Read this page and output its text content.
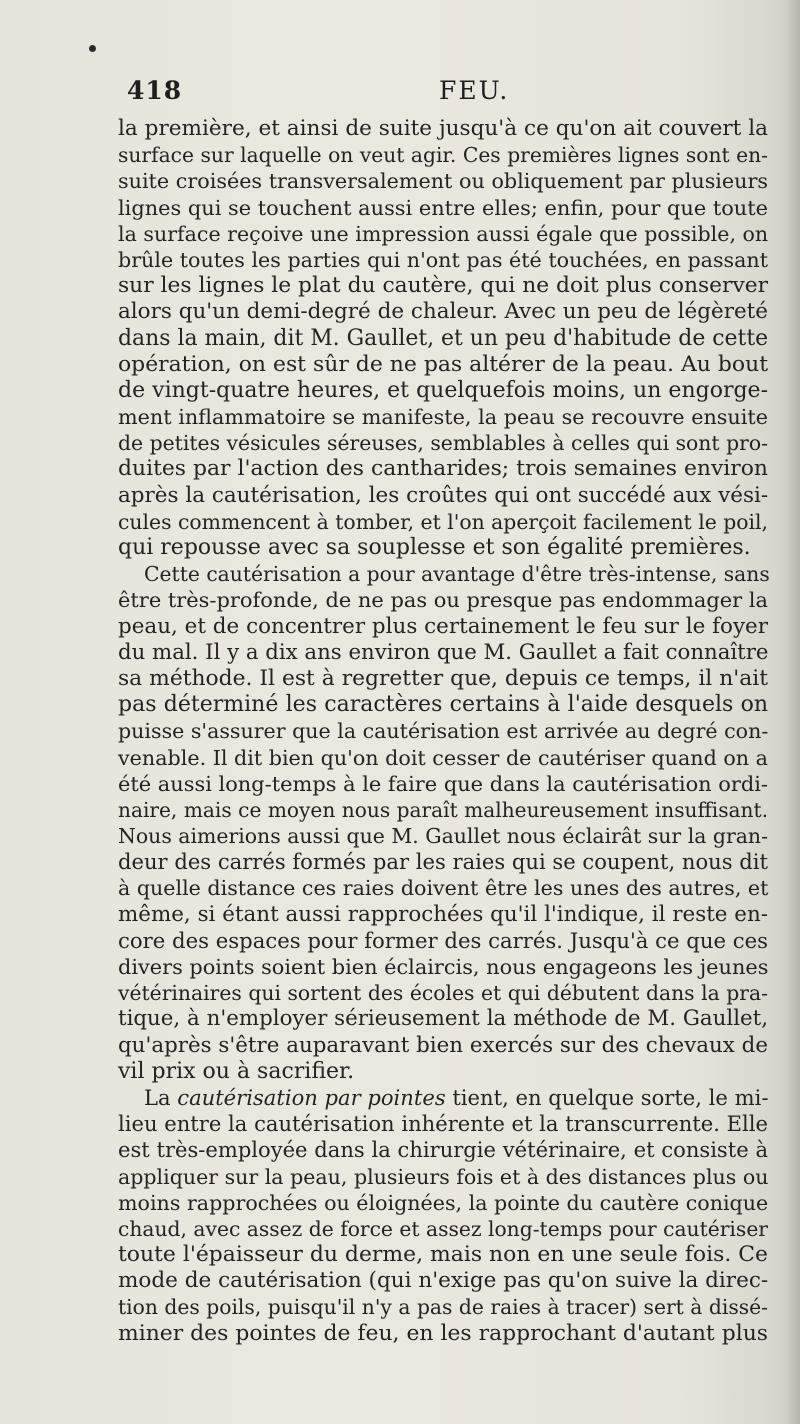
418	FEU.
la première, et ainsi de suite jusqu'à ce qu'on ait couvert la
surface sur laquelle on veut agir. Ces premières lignes sont en-
suite croisées transversalement ou obliquement par plusieurs
lignes qui se touchent aussi entre elles; enfin, pour que toute
la surface reçoive une impression aussi égale que possible, on
brûle toutes les parties qui n'ont pas été touchées, en passant
sur les lignes le plat du cautère, qui ne doit plus conserver
alors qu'un demi-degré de chaleur. Avec un peu de légèreté
dans la main, dit M. Gaullet, et un peu d'habitude de cette
opération, on est sûr de ne pas altérer de la peau. Au bout
de vingt-quatre heures, et quelquefois moins, un engorge-
ment inflammatoire se manifeste, la peau se recouvre ensuite
de petites vésicules séreuses, semblables à celles qui sont pro-
duites par l'action des cantharides; trois semaines environ
après la cautérisation, les croûtes qui ont succédé aux vési-
cules commencent à tomber, et l'on aperçoit facilement le poil,
qui repousse avec sa souplesse et son égalité premières.
Cette cautérisation a pour avantage d'être très-intense, sans
être très-profonde, de ne pas ou presque pas endommager la
peau, et de concentrer plus certainement le feu sur le foyer
du mal. Il y a dix ans environ que M. Gaullet a fait connaître
sa méthode. Il est à regretter que, depuis ce temps, il n'ait
pas déterminé les caractères certains à l'aide desquels on
puisse s'assurer que la cautérisation est arrivée au degré con-
venable. Il dit bien qu'on doit cesser de cautériser quand on a
été aussi long-temps à le faire que dans la cautérisation ordi-
naire, mais ce moyen nous paraît malheureusement insuffisant.
Nous aimerions aussi que M. Gaullet nous éclairât sur la gran-
deur des carrés formés par les raies qui se coupent, nous dit
à quelle distance ces raies doivent être les unes des autres, et
même, si étant aussi rapprochées qu'il l'indique, il reste en-
core des espaces pour former des carrés. Jusqu'à ce que ces
divers points soient bien éclaircis, nous engageons les jeunes
vétérinaires qui sortent des écoles et qui débutent dans la pra-
tique, à n'employer sérieusement la méthode de M. Gaullet,
qu'après s'être auparavant bien exercés sur des chevaux de
vil prix ou à sacrifier.
La cautérisation par pointes tient, en quelque sorte, le mi-
lieu entre la cautérisation inhérente et la transcurrente. Elle
est très-employée dans la chirurgie vétérinaire, et consiste à
appliquer sur la peau, plusieurs fois et à des distances plus ou
moins rapprochées ou éloignées, la pointe du cautère conique
chaud, avec assez de force et assez long-temps pour cautériser
toute l'épaisseur du derme, mais non en une seule fois. Ce
mode de cautérisation (qui n'exige pas qu'on suive la direc-
tion des poils, puisqu'il n'y a pas de raies à tracer) sert à dissé-
miner des pointes de feu, en les rapprochant d'autant plus
